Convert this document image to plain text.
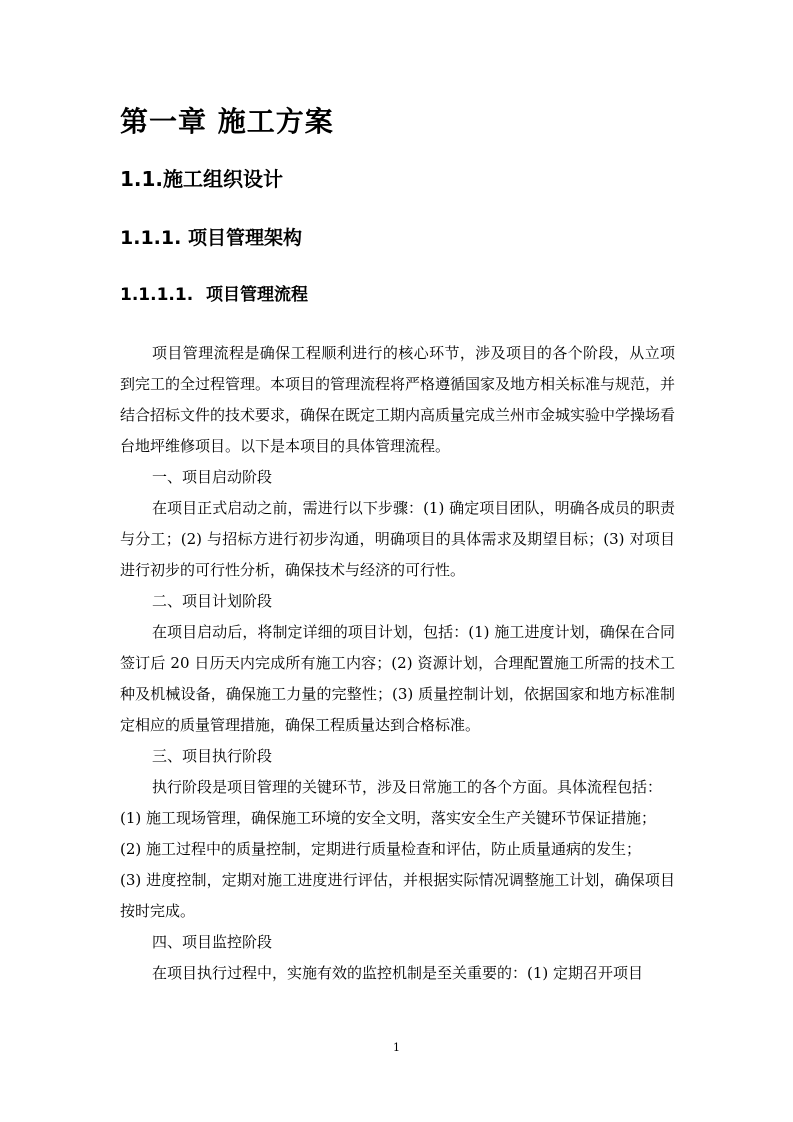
第一章 施工方案
1.1.施工组织设计
1.1.1. 项目管理架构
1.1.1.1. 项目管理流程

项目管理流程是确保工程顺利进行的核心环节，涉及项目的各个阶段，从立项到完工的全过程管理。本项目的管理流程将严格遵循国家及地方相关标准与规范，并结合招标文件的技术要求，确保在既定工期内高质量完成兰州市金城实验中学操场看台地坪维修项目。以下是本项目的具体管理流程。

一、项目启动阶段

在项目正式启动之前，需进行以下步骤：(1) 确定项目团队，明确各成员的职责与分工；(2) 与招标方进行初步沟通，明确项目的具体需求及期望目标；(3) 对项目进行初步的可行性分析，确保技术与经济的可行性。

二、项目计划阶段

在项目启动后，将制定详细的项目计划，包括：(1) 施工进度计划，确保在合同签订后 20 日历天内完成所有施工内容；(2) 资源计划，合理配置施工所需的技术工种及机械设备，确保施工力量的完整性；(3) 质量控制计划，依据国家和地方标准制定相应的质量管理措施，确保工程质量达到合格标准。

三、项目执行阶段

执行阶段是项目管理的关键环节，涉及日常施工的各个方面。具体流程包括：

(1) 施工现场管理，确保施工环境的安全文明，落实安全生产关键环节保证措施；

(2) 施工过程中的质量控制，定期进行质量检查和评估，防止质量通病的发生；

(3) 进度控制，定期对施工进度进行评估，并根据实际情况调整施工计划，确保项目按时完成。

四、项目监控阶段

在项目执行过程中，实施有效的监控机制是至关重要的：(1) 定期召开项目

1
